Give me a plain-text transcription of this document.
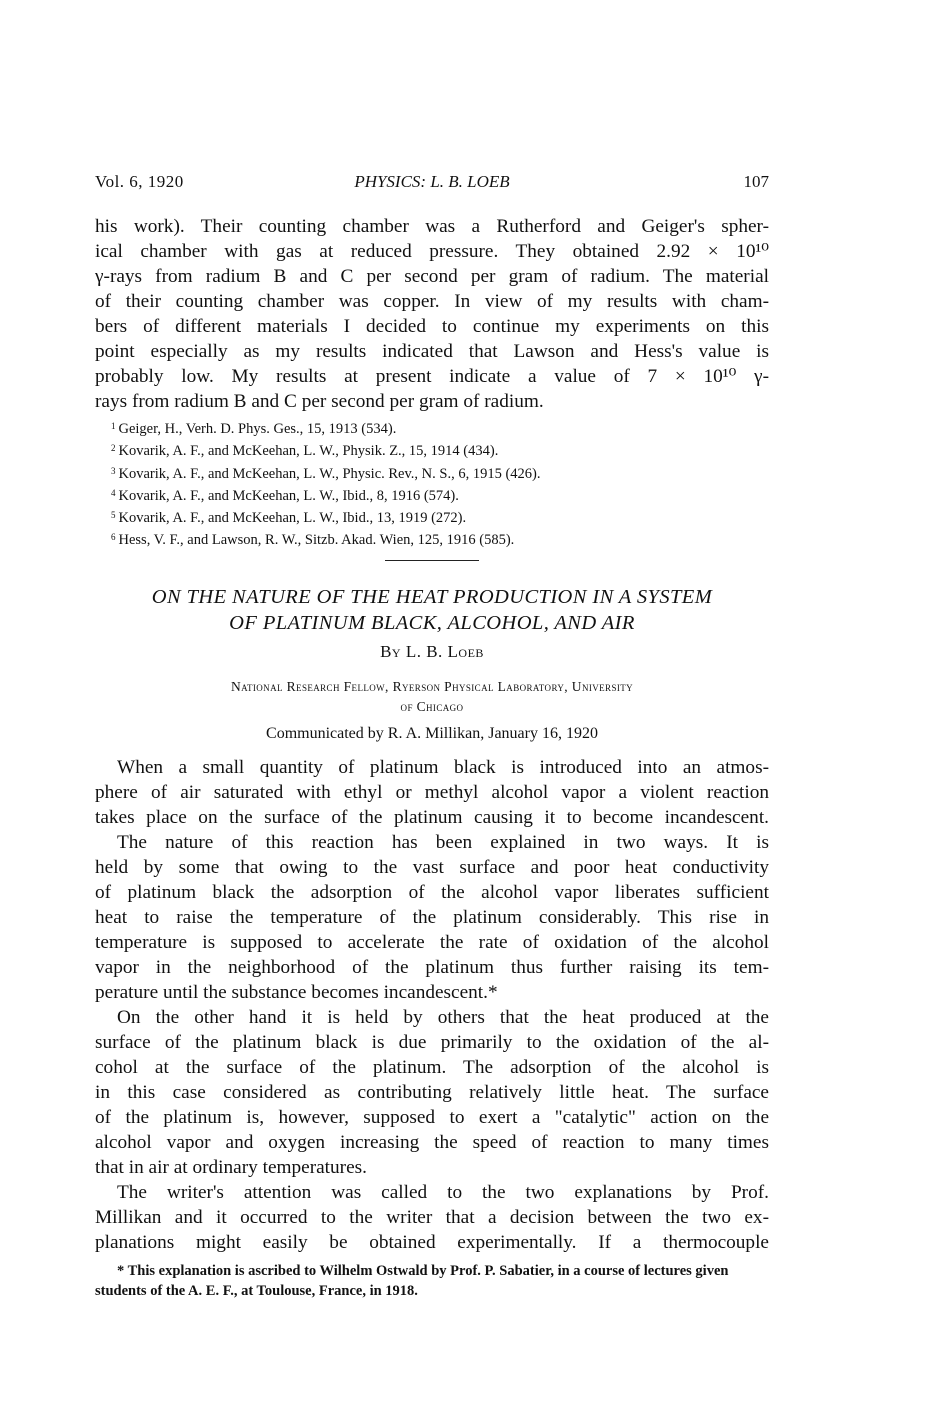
Vol. 6, 1920	PHYSICS: L. B. LOEB	107
his work). Their counting chamber was a Rutherford and Geiger's spher-
ical chamber with gas at reduced pressure. They obtained 2.92 × 10¹⁰
γ-rays from radium B and C per second per gram of radium. The material
of their counting chamber was copper. In view of my results with cham-
bers of different materials I decided to continue my experiments on this
point especially as my results indicated that Lawson and Hess's value is
probably low. My results at present indicate a value of 7 × 10¹⁰ γ-
rays from radium B and C per second per gram of radium.
$^1$ Geiger, H., Verh. D. Phys. Ges., 15, 1913 (534).
$^2$ Kovarik, A. F., and McKeehan, L. W., Physik. Z., 15, 1914 (434).
$^3$ Kovarik, A. F., and McKeehan, L. W., Physic. Rev., N. S., 6, 1915 (426).
$^4$ Kovarik, A. F., and McKeehan, L. W., Ibid., 8, 1916 (574).
$^5$ Kovarik, A. F., and McKeehan, L. W., Ibid., 13, 1919 (272).
$^6$ Hess, V. F., and Lawson, R. W., Sitzb. Akad. Wien, 125, 1916 (585).
ON THE NATURE OF THE HEAT PRODUCTION IN A SYSTEM
OF PLATINUM BLACK, ALCOHOL, AND AIR
By L. B. Loeb
National Research Fellow, Ryerson Physical Laboratory, University
of Chicago
Communicated by R. A. Millikan, January 16, 1920
When a small quantity of platinum black is introduced into an atmos-
phere of air saturated with ethyl or methyl alcohol vapor a violent reaction
takes place on the surface of the platinum causing it to become incandescent.
The nature of this reaction has been explained in two ways. It is
held by some that owing to the vast surface and poor heat conductivity
of platinum black the adsorption of the alcohol vapor liberates sufficient
heat to raise the temperature of the platinum considerably. This rise in
temperature is supposed to accelerate the rate of oxidation of the alcohol
vapor in the neighborhood of the platinum thus further raising its tem-
perature until the substance becomes incandescent.*
On the other hand it is held by others that the heat produced at the
surface of the platinum black is due primarily to the oxidation of the al-
cohol at the surface of the platinum. The adsorption of the alcohol is
in this case considered as contributing relatively little heat. The surface
of the platinum is, however, supposed to exert a "catalytic" action on the
alcohol vapor and oxygen increasing the speed of reaction to many times
that in air at ordinary temperatures.
The writer's attention was called to the two explanations by Prof.
Millikan and it occurred to the writer that a decision between the two ex-
planations might easily be obtained experimentally. If a thermocouple
* This explanation is ascribed to Wilhelm Ostwald by Prof. P. Sabatier, in a course of lectures given students of the A. E. F., at Toulouse, France, in 1918.
